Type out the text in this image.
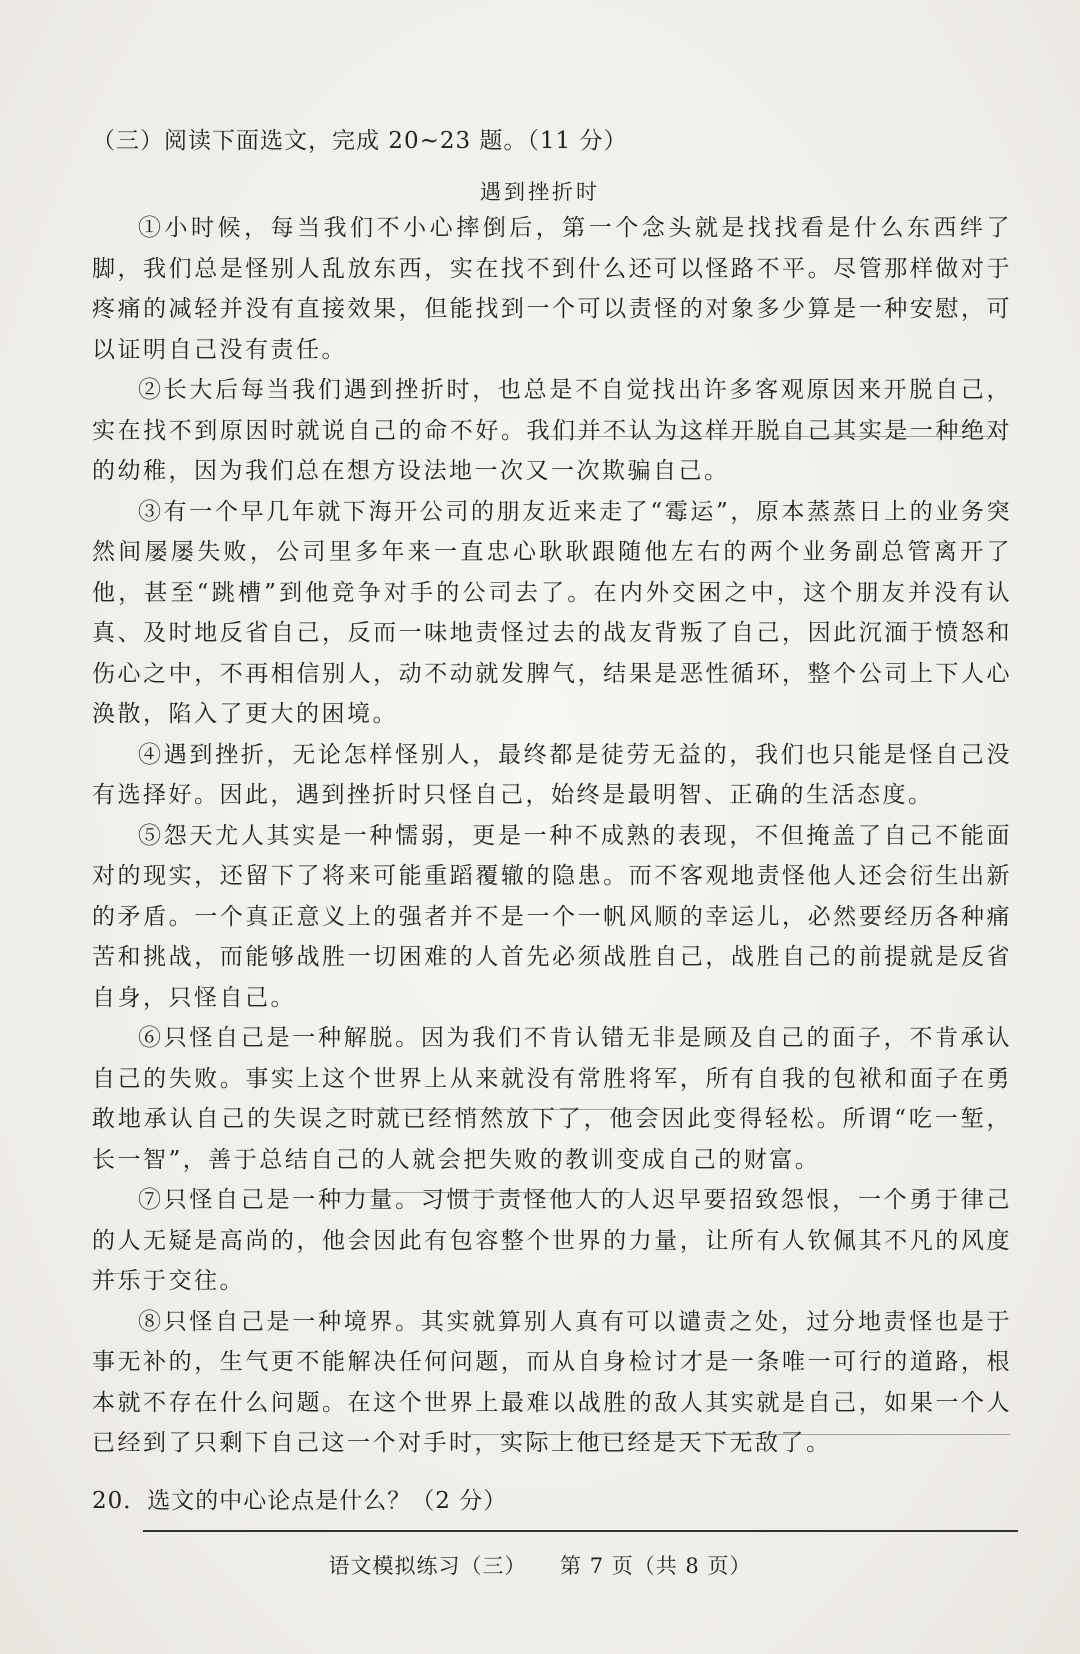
（三）阅读下面选文，完成 20~23 题。（11 分）
遇到挫折时

①小时候，每当我们不小心摔倒后，第一个念头就是找找看是什么东西绊了脚，我们总是怪别人乱放东西，实在找不到什么还可以怪路不平。尽管那样做对于疼痛的减轻并没有直接效果，但能找到一个可以责怪的对象多少算是一种安慰，可以证明自己没有责任。

②长大后每当我们遇到挫折时，也总是不自觉找出许多客观原因来开脱自己，实在找不到原因时就说自己的命不好。我们并不认为这样开脱自己其实是一种绝对的幼稚，因为我们总在想方设法地一次又一次欺骗自己。

③有一个早几年就下海开公司的朋友近来走了“霉运”，原本蒸蒸日上的业务突然间屡屡失败，公司里多年来一直忠心耿耿跟随他左右的两个业务副总管离开了他，甚至“跳槽”到他竞争对手的公司去了。在内外交困之中，这个朋友并没有认真、及时地反省自己，反而一味地责怪过去的战友背叛了自己，因此沉湎于愤怒和伤心之中，不再相信别人，动不动就发脾气，结果是恶性循环，整个公司上下人心涣散，陷入了更大的困境。

④遇到挫折，无论怎样怪别人，最终都是徒劳无益的，我们也只能是怪自己没有选择好。因此，遇到挫折时只怪自己，始终是最明智、正确的生活态度。

⑤怨天尤人其实是一种懦弱，更是一种不成熟的表现，不但掩盖了自己不能面对的现实，还留下了将来可能重蹈覆辙的隐患。而不客观地责怪他人还会衍生出新的矛盾。一个真正意义上的强者并不是一个一帆风顺的幸运儿，必然要经历各种痛苦和挑战，而能够战胜一切困难的人首先必须战胜自己，战胜自己的前提就是反省自身，只怪自己。

⑥只怪自己是一种解脱。因为我们不肯认错无非是顾及自己的面子，不肯承认自己的失败。事实上这个世界上从来就没有常胜将军，所有自我的包袱和面子在勇敢地承认自己的失误之时就已经悄然放下了，他会因此变得轻松。所谓“吃一堑，长一智”，善于总结自己的人就会把失败的教训变成自己的财富。

⑦只怪自己是一种力量。习惯于责怪他人的人迟早要招致怨恨，一个勇于律己的人无疑是高尚的，他会因此有包容整个世界的力量，让所有人钦佩其不凡的风度并乐于交往。

⑧只怪自己是一种境界。其实就算别人真有可以谴责之处，过分地责怪也是于事无补的，生气更不能解决任何问题，而从自身检讨才是一条唯一可行的道路，根本就不存在什么问题。在这个世界上最难以战胜的敌人其实就是自己，如果一个人已经到了只剩下自己这一个对手时，实际上他已经是天下无敌了。

20．选文的中心论点是什么？（2 分）
语文模拟练习（三）　　第 7 页（共 8 页）
